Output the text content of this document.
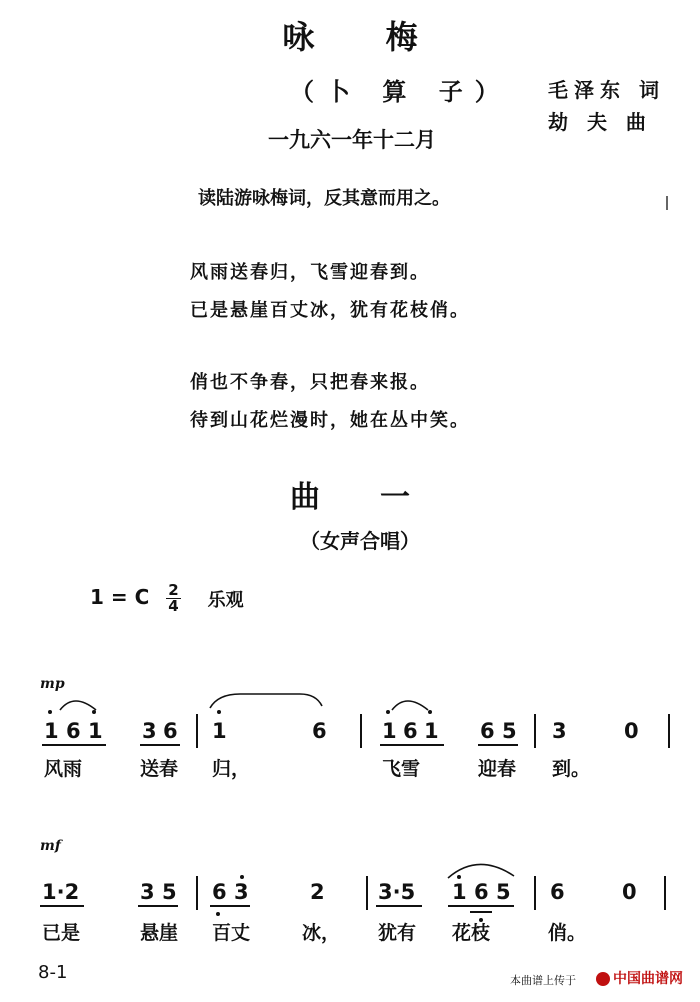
咏 梅
（卜 算 子） 毛泽东 词
劫 夫 曲
一九六一年十二月
读陆游咏梅词，反其意而用之。
风雨送春归，飞雪迎春到。
已是悬崖百丈冰，犹有花枝俏。
俏也不争春，只把春来报。
待到山花烂漫时，她在丛中笑。
曲一
（女声合唱）
1 = C $\frac{2}{4}$ 乐观
mp
1 6 1 3 6 1	6	1 6 1 6 5 3	0
风雨	送春 归，	飞雪	迎春 到。
mf
1·2	3 5 6 3	2	3·5 1 6 5 6	0
已是	悬崖 百丈	冰， 犹有 花枝	俏。
8-1	本曲谱上传于	中国曲谱网
